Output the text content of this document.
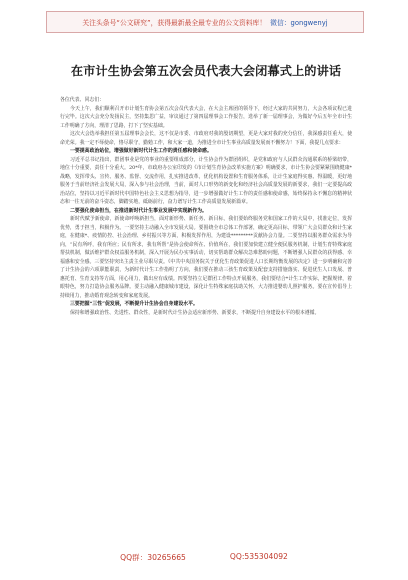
关注头条号“公文研究”，获得最新最全最专业的公文资料库！ 微信：gongwenyj
在市计生协会第五次会员代表大会闭幕式上的讲话

各位代表、同志们：

今天上午，我们顺利召开市计划生育协会第五次会员代表大会，在大会主席团的领导下，经过大家的共同努力，大会各项议程已进行完毕。这次大会充分发扬民主，坚持集思广益，审议通过了第四届理事会工作报告，选举了新一届理事会，为做好今后五年全市计生工作明确了方向，理清了思路，打下了坚实基础。

这次大会选举我担任第五届理事会会长，这不仅是市委、市政府对我的殷切期望，更是大家对我的充分信任，我深感责任重大，使命光荣。我一定不辱使命，恪尽职守，勤勉工作，和大家一道，为推进全市计生事业高质量发展而不懈努力！下面，我提几点要求：

一要提高政治站位，增强做好新时代计生工作的责任感和使命感。

习近平总书记指出，群团事业是党的事业的重要组成部分，计生协会作为群团组织，是党和政府与人民群众沟通联系的桥梁纽带，地位十分重要，责任十分重大。20*年，市政府办公室印发的《市计划生育协会改革实施方案》明确要求，市计生协会要紧紧围绕健康*战略，发挥带头、宣传、服务、监督、交流作用，扎实推进改革，优化机构设置和生育服务体系，让计生家庭得实惠、得温暖，更好地服务于当前经济社会发展大局，深入参与社会治理，当前，面对人口形势的新变化和经济社会高质量发展的新要求，我们一定要提高政治站位，坚持以习近平新时代中国特色社会主义思想为指导，进一步增强做好计生工作的责任感和使命感，始终保持永不懈怠的精神状态和一往无前的奋斗姿态，脚踏实地，砥砺前行，奋力谱写计生工作高质量发展新篇章。

二要强化使命担当，在推进新时代计生事业发展中实现新作为。

新时代赋予新使命，新使命呼唤新担当，面对新形势、新任务、新目标，我们要始终服务党和国家工作的大局中，找准定位，发挥优势，勇于担当，积极作为。一要坚持主动融入全市发展大局。要围绕全市总体工作部署，确定更高目标，带领广大会员群众和计生家庭，在健康*、疫情防控、社会治理、乡村振兴等方面，积极发挥作用，为建设*********贡献协会力量。二要坚持以服务群众需求为导向，“民有所呼，我有所应；民有所求，我有所帮”是协会使命所在、价值所在，我们要加快建立健全便民服务机制，计划生育特殊家庭帮扶机制，做活维护群众权益服务机制，深入开展为民办实事活动，切实帮助群众解决急难愁盼问题，不断增强人民群众的获得感、幸福感和安全感。三要坚持突出主责主业尽职尽责。《中共中央国务院关于优化生育政策促进人口长期均衡发展的决定》进一步明确和完善了计生协会的六项职能职责，为新时代计生工作指明了方向，我们要在推动三孩生育政策及配套支持措施落实、促进优生人口发展、普惠托育、生育支持等方面，用心用力，做出应有成绩。四要坚持立足群团工作特点开展服务，我们要结合*计生工作实际，把握规律，着眼特色，努力打造协会服务品牌。要主动融入健康城市建设，深化计生特殊家庭扶助关怀，大力推进婴幼儿照护服务。要在宣传倡导上持续用力，推动婚育观念转变和家庭发展。

三要把握“三性”促发展，不断提升计生协会自身建设水平。

保持和增强政治性、先进性、群众性，是新时代计生协会适应新形势、新要求，不断提升自身建设水平的根本遵循。

QQ群：30265665	QQ:535304092
